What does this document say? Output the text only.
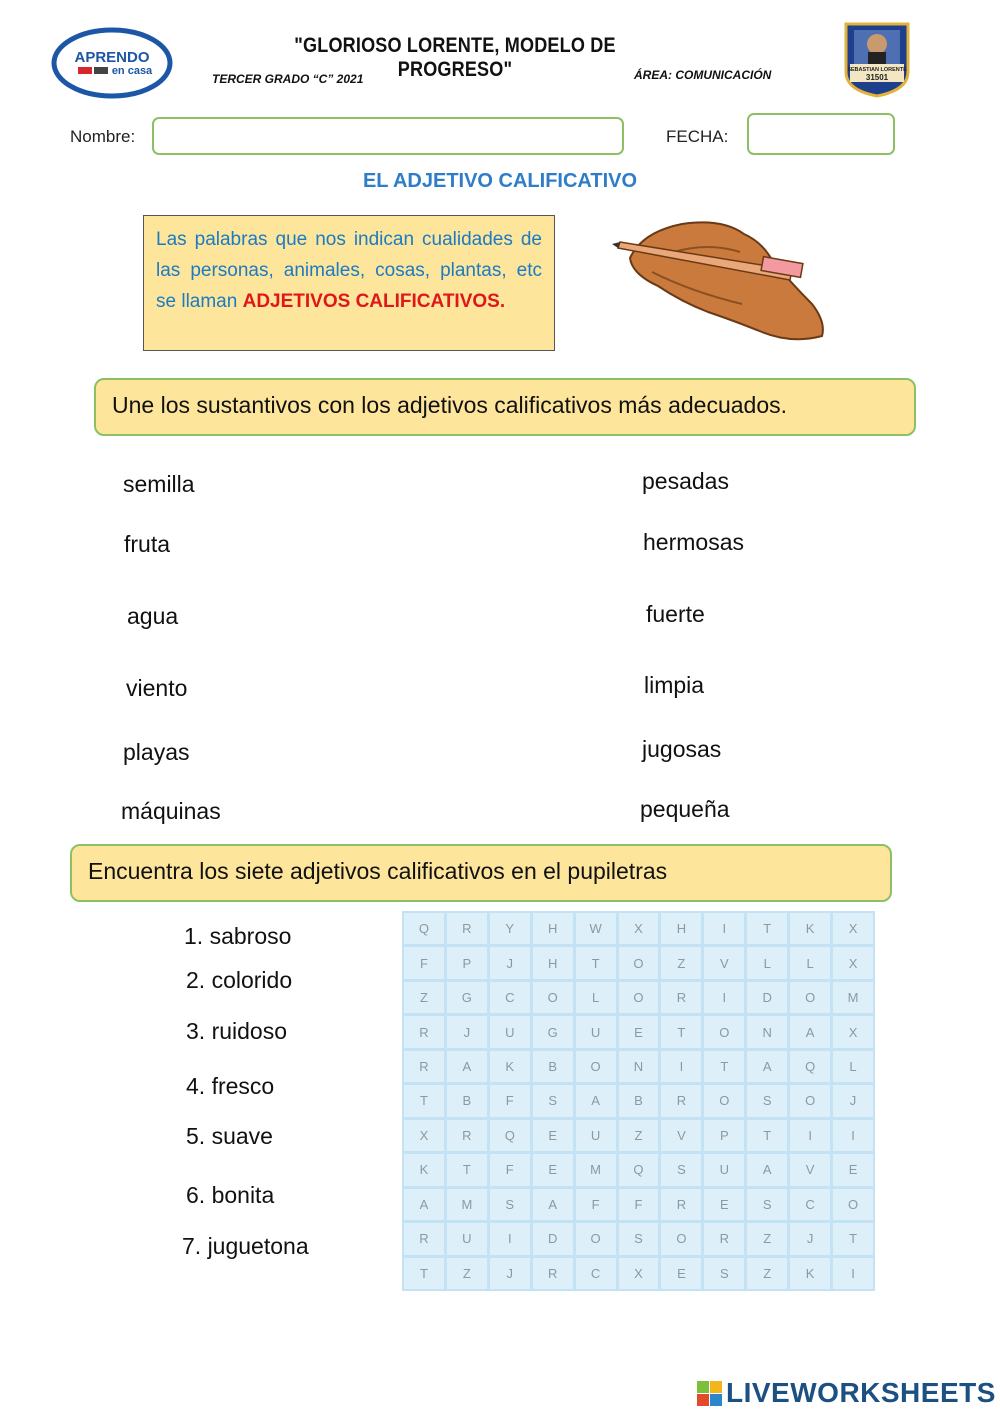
APRENDO
en casa
"GLORIOSO LORENTE, MODELO DE PROGRESO"
TERCER GRADO “C” 2021	ÁREA: COMUNICACIÓN	SEBASTIAN LORENTE
31501
Nombre:	FECHA:
EL ADJETIVO CALIFICATIVO
Las palabras que nos indican cualidades de las personas, animales, cosas, plantas, etc se llaman ADJETIVOS CALIFICATIVOS.
Une los sustantivos con los adjetivos calificativos más adecuados.
semilla
fruta
agua
viento
playas
máquinas
pesadas
hermosas
fuerte
limpia
jugosas
pequeña
Encuentra los siete adjetivos calificativos en el pupiletras
1. sabroso
2. colorido
3. ruidoso
4. fresco
5. suave
6. bonita
7. juguetona
Q	R	Y	H	W	X	H	I	T	K	X
F	P	J	H	T	O	Z	V	L	L	X
Z	G	C	O	L	O	R	I	D	O	M
R	J	U	G	U	E	T	O	N	A	X
R	A	K	B	O	N	I	T	A	Q	L
T	B	F	S	A	B	R	O	S	O	J
X	R	Q	E	U	Z	V	P	T	I	I
K	T	F	E	M	Q	S	U	A	V	E
A	M	S	A	F	F	R	E	S	C	O
R	U	I	D	O	S	O	R	Z	J	T
T	Z	J	R	C	X	E	S	Z	K	I
LIVEWORKSHEETS
